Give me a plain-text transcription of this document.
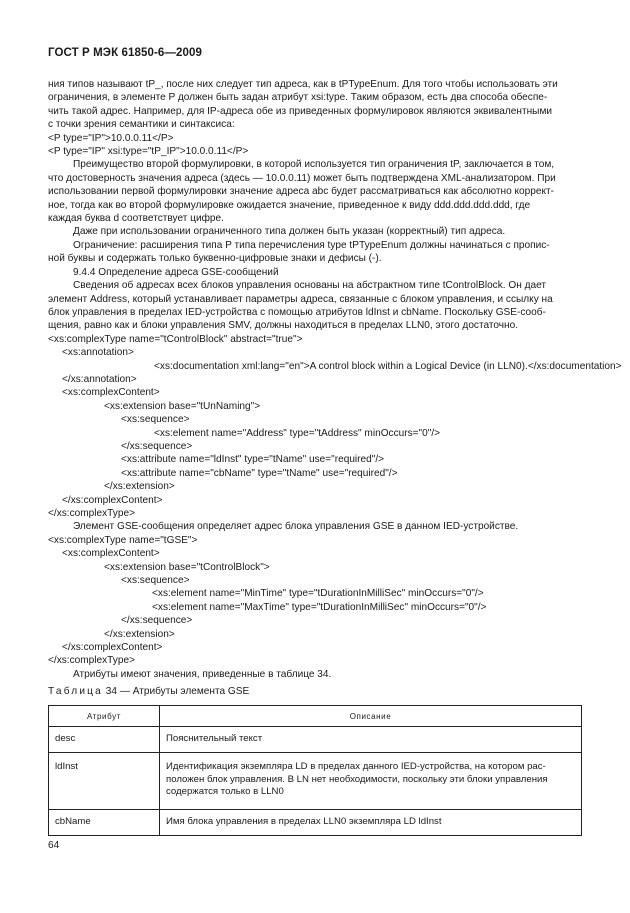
ГОСТ Р МЭК 61850-6—2009
ния типов называют tP_, после них следует тип адреса, как в tPTypeEnum. Для того чтобы использовать эти
ограничения, в элементе P должен быть задан атрибут xsi:type. Таким образом, есть два способа обеспе-
чить такой адрес. Например, для IP-адреса обе из приведенных формулировок являются эквивалентными
с точки зрения семантики и синтаксиса:
<P type="IP">10.0.0.11</P>
<P type="IP" xsi:type="tP_IP">10.0.0.11</P>
Преимущество второй формулировки, в которой используется тип ограничения tP, заключается в том,
что достоверность значения адреса (здесь — 10.0.0.11) может быть подтверждена XML-анализатором. При
использовании первой формулировки значение адреса abc будет рассматриваться как абсолютно коррект-
ное, тогда как во второй формулировке ожидается значение, приведенное к виду ddd.ddd.ddd.ddd, где
каждая буква d соответствует цифре.
Даже при использовании ограниченного типа должен быть указан (корректный) тип адреса.
Ограничение: расширения типа P типа перечисления type tPTypeEnum должны начинаться с пропис-
ной буквы и содержать только буквенно-цифровые знаки и дефисы (-).
9.4.4 Определение адреса GSE-сообщений
Сведения об адресах всех блоков управления основаны на абстрактном типе tControlBlock. Он дает
элемент Address, который устанавливает параметры адреса, связанные с блоком управления, и ссылку на
блок управления в пределах IED-устройства с помощью атрибутов ldInst и cbName. Поскольку GSE-сооб-
щения, равно как и блоки управления SMV, должны находиться в пределах LLN0, этого достаточно.
<xs:complexType name="tControlBlock" abstract="true">
<xs:annotation>
<xs:documentation xml:lang="en">A control block within a Logical Device (in LLN0).</xs:documentation>
</xs:annotation>
<xs:complexContent>
<xs:extension base="tUnNaming">
<xs:sequence>
<xs:element name="Address" type="tAddress" minOccurs="0"/>
</xs:sequence>
<xs:attribute name="ldInst" type="tName" use="required"/>
<xs:attribute name="cbName" type="tName" use="required"/>
</xs:extension>
</xs:complexContent>
</xs:complexType>
Элемент GSE-сообщения определяет адрес блока управления GSE в данном IED-устройстве.
<xs:complexType name="tGSE">
<xs:complexContent>
<xs:extension base="tControlBlock">
<xs:sequence>
<xs:element name="MinTime" type="tDurationInMilliSec" minOccurs="0"/>
<xs:element name="MaxTime" type="tDurationInMilliSec" minOccurs="0"/>
</xs:sequence>
</xs:extension>
</xs:complexContent>
</xs:complexType>
Атрибуты имеют значения, приведенные в таблице 34.
Таблица 34 — Атрибуты элемента GSE
Атрибут	Описание
desc	Пояснительный текст
ldInst	Идентификация экземпляра LD в пределах данного IED-устройства, на котором рас- положен блок управления. В LN нет необходимости, поскольку эти блоки управления содержатся только в LLN0
cbName	Имя блока управления в пределах LLN0 экземпляра LD ldInst
64
